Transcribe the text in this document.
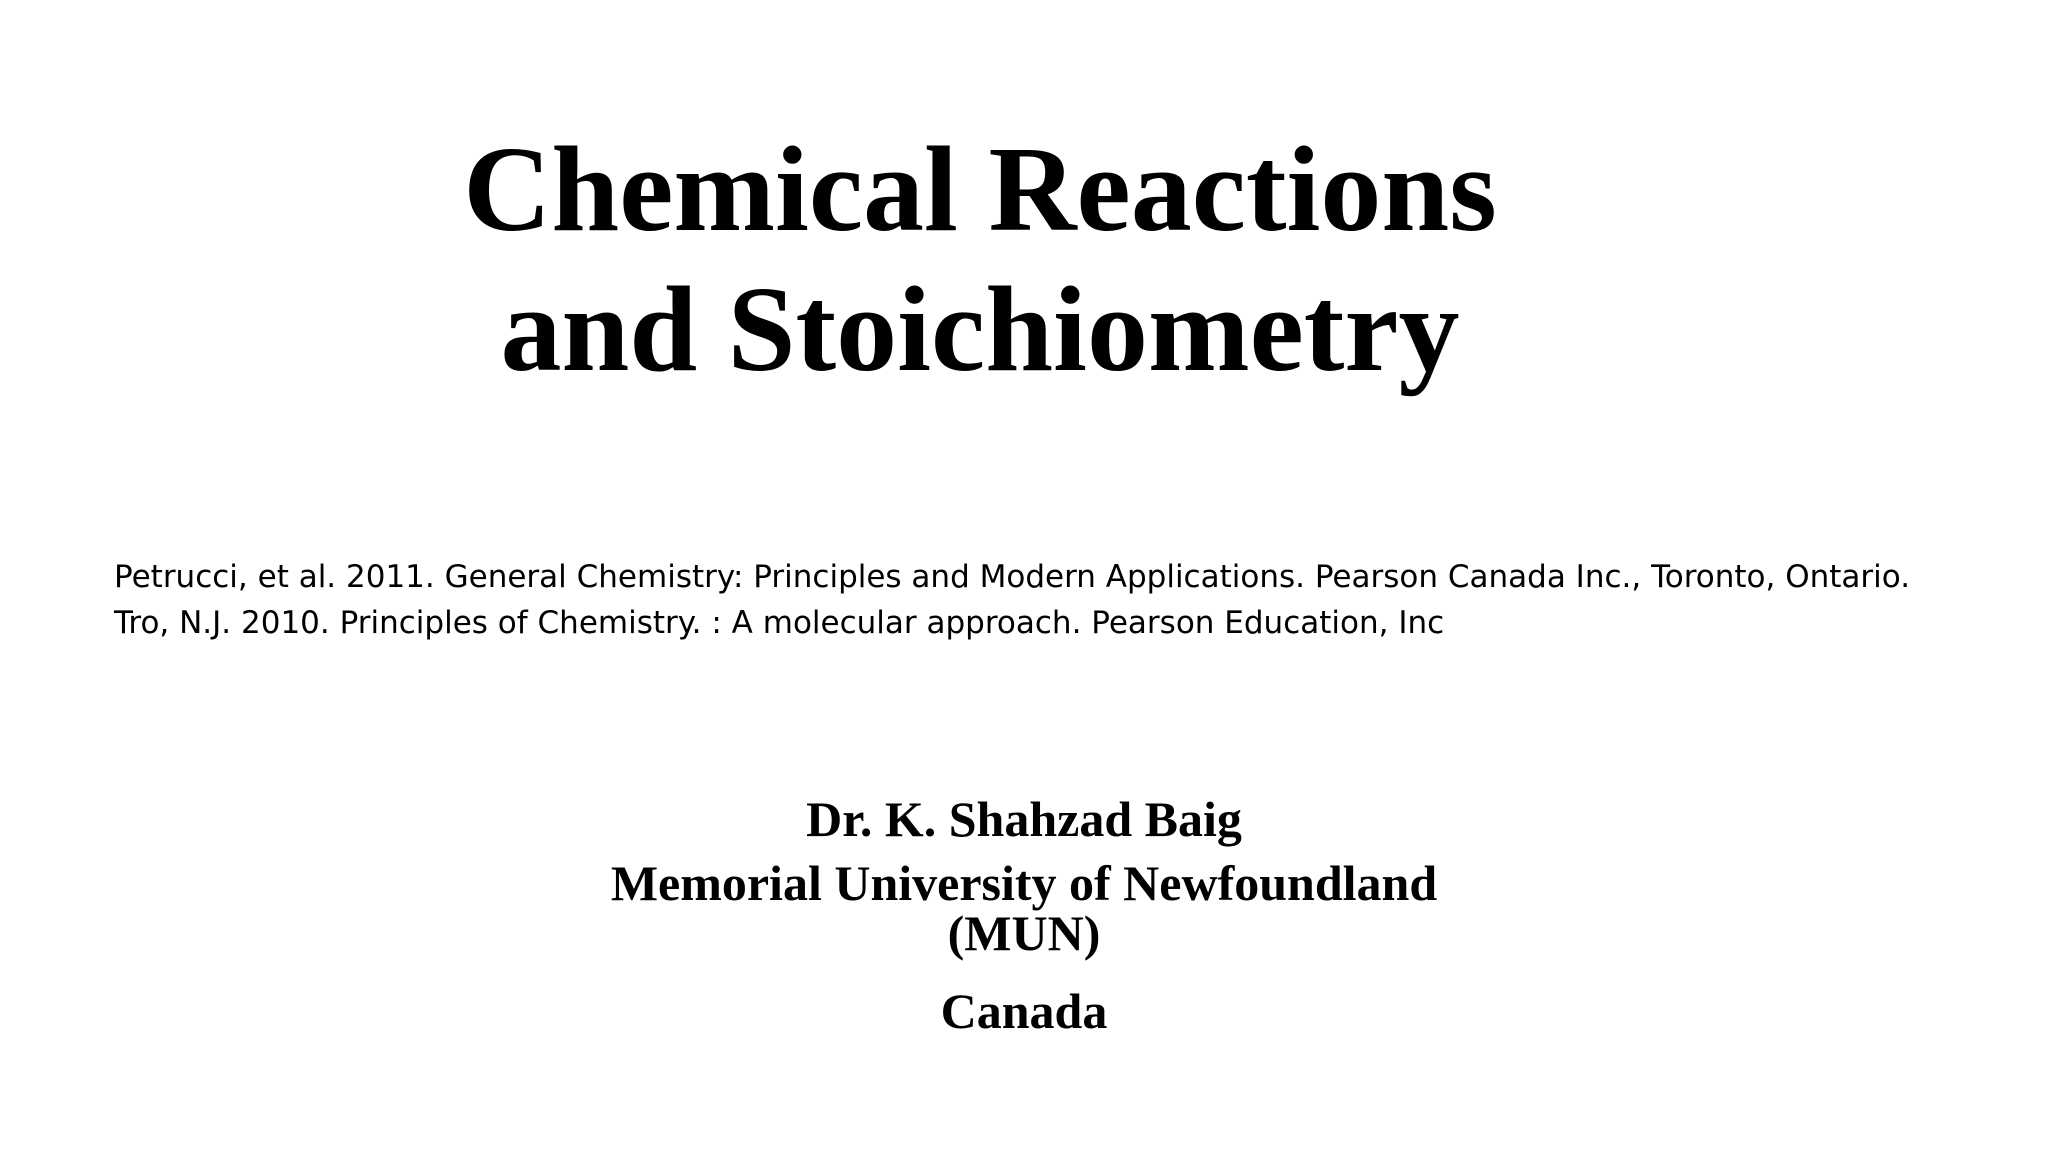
Chemical Reactions
and Stoichiometry
Petrucci, et al. 2011. General Chemistry: Principles and Modern Applications. Pearson Canada Inc., Toronto, Ontario.
Tro, N.J. 2010. Principles of Chemistry. : A molecular approach. Pearson Education, Inc
Dr. K. Shahzad Baig
Memorial University of Newfoundland
(MUN)
Canada
